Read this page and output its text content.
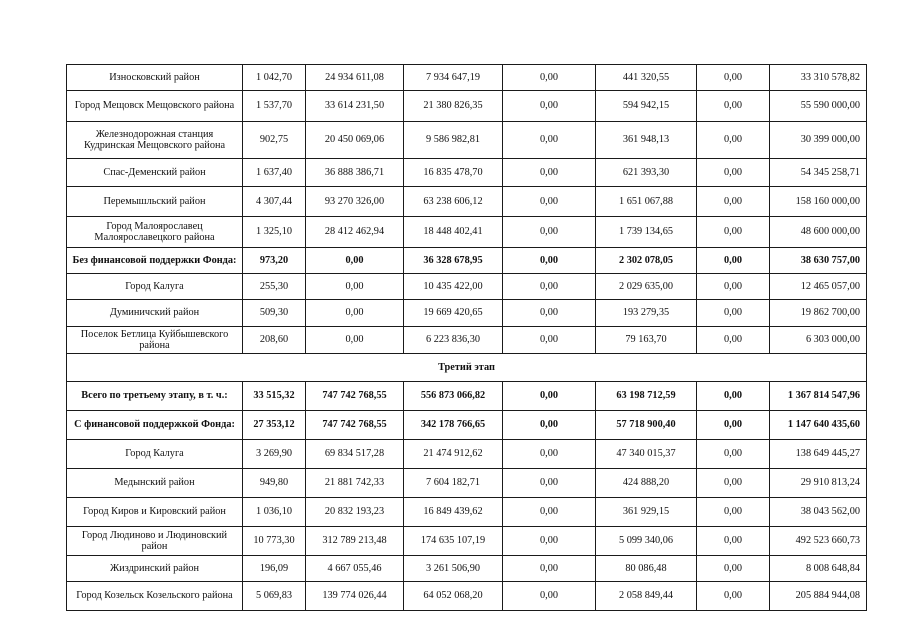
Износковский район	1 042,70	24 934 611,08	7 934 647,19	0,00	441 320,55	0,00	33 310 578,82
Город Мещовск Мещовского района	1 537,70	33 614 231,50	21 380 826,35	0,00	594 942,15	0,00	55 590 000,00
Железнодорожная станция Кудринская Мещовского района	902,75	20 450 069,06	9 586 982,81	0,00	361 948,13	0,00	30 399 000,00
Спас-Деменский район	1 637,40	36 888 386,71	16 835 478,70	0,00	621 393,30	0,00	54 345 258,71
Перемышльский район	4 307,44	93 270 326,00	63 238 606,12	0,00	1 651 067,88	0,00	158 160 000,00
Город Малоярославец Малоярославецкого района	1 325,10	28 412 462,94	18 448 402,41	0,00	1 739 134,65	0,00	48 600 000,00
Без финансовой поддержки Фонда:	973,20	0,00	36 328 678,95	0,00	2 302 078,05	0,00	38 630 757,00
Город Калуга	255,30	0,00	10 435 422,00	0,00	2 029 635,00	0,00	12 465 057,00
Думиничский район	509,30	0,00	19 669 420,65	0,00	193 279,35	0,00	19 862 700,00
Поселок Бетлица Куйбышевского района	208,60	0,00	6 223 836,30	0,00	79 163,70	0,00	6 303 000,00
Третий этап							
Всего по третьему этапу, в т. ч.:	33 515,32	747 742 768,55	556 873 066,82	0,00	63 198 712,59	0,00	1 367 814 547,96
С финансовой поддержкой Фонда:	27 353,12	747 742 768,55	342 178 766,65	0,00	57 718 900,40	0,00	1 147 640 435,60
Город Калуга	3 269,90	69 834 517,28	21 474 912,62	0,00	47 340 015,37	0,00	138 649 445,27
Медынский район	949,80	21 881 742,33	7 604 182,71	0,00	424 888,20	0,00	29 910 813,24
Город Киров и Кировский район	1 036,10	20 832 193,23	16 849 439,62	0,00	361 929,15	0,00	38 043 562,00
Город Людиново и Людиновский район	10 773,30	312 789 213,48	174 635 107,19	0,00	5 099 340,06	0,00	492 523 660,73
Жиздринский район	196,09	4 667 055,46	3 261 506,90	0,00	80 086,48	0,00	8 008 648,84
Город Козельск Козельского района	5 069,83	139 774 026,44	64 052 068,20	0,00	2 058 849,44	0,00	205 884 944,08
